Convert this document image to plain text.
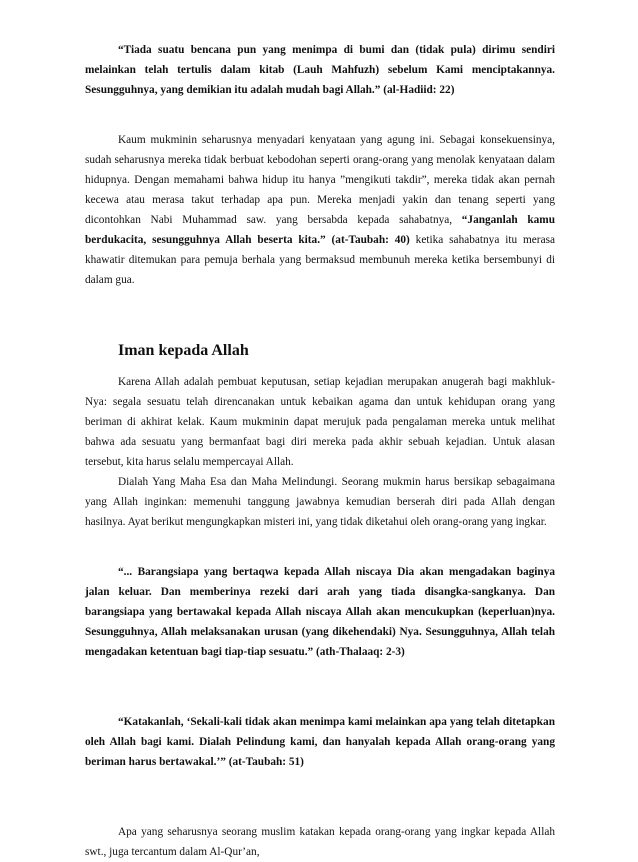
“Tiada suatu bencana pun yang menimpa di bumi dan (tidak pula) dirimu sendiri melainkan telah tertulis dalam kitab (Lauh Mahfuzh) sebelum Kami menciptakannya. Sesungguhnya, yang demikian itu adalah mudah bagi Allah.” (al-Hadiid: 22)

Kaum mukminin seharusnya menyadari kenyataan yang agung ini. Sebagai konsekuensinya, sudah seharusnya mereka tidak berbuat kebodohan seperti orang-orang yang menolak kenyataan dalam hidupnya. Dengan memahami bahwa hidup itu hanya ”mengikuti takdir”, mereka tidak akan pernah kecewa atau merasa takut terhadap apa pun. Mereka menjadi yakin dan tenang seperti yang dicontohkan Nabi Muhammad saw. yang bersabda kepada sahabatnya, “Janganlah kamu berdukacita, sesungguhnya Allah beserta kita.” (at-Taubah: 40) ketika sahabatnya itu merasa khawatir ditemukan para pemuja berhala yang bermaksud membunuh mereka ketika bersembunyi di dalam gua.

Iman kepada Allah

Karena Allah adalah pembuat keputusan, setiap kejadian merupakan anugerah bagi makhluk-Nya: segala sesuatu telah direncanakan untuk kebaikan agama dan untuk kehidupan orang yang beriman di akhirat kelak. Kaum mukminin dapat merujuk pada pengalaman mereka untuk melihat bahwa ada sesuatu yang bermanfaat bagi diri mereka pada akhir sebuah kejadian. Untuk alasan tersebut, kita harus selalu mempercayai Allah.

Dialah Yang Maha Esa dan Maha Melindungi. Seorang mukmin harus bersikap sebagaimana yang Allah inginkan: memenuhi tanggung jawabnya kemudian berserah diri pada Allah dengan hasilnya. Ayat berikut mengungkapkan misteri ini, yang tidak diketahui oleh orang-orang yang ingkar.

“... Barangsiapa yang bertaqwa kepada Allah niscaya Dia akan mengadakan baginya jalan keluar. Dan memberinya rezeki dari arah yang tiada disangka-sangkanya. Dan barangsiapa yang bertawakal kepada Allah niscaya Allah akan mencukupkan (keperluan)nya. Sesungguhnya, Allah melaksanakan urusan (yang dikehendaki) Nya. Sesungguhnya, Allah telah mengadakan ketentuan bagi tiap-tiap sesuatu.” (ath-Thalaaq: 2-3)

“Katakanlah, ‘Sekali-kali tidak akan menimpa kami melainkan apa yang telah ditetapkan oleh Allah bagi kami. Dialah Pelindung kami, dan hanyalah kepada Allah orang-orang yang beriman harus bertawakal.’” (at-Taubah: 51)

Apa yang seharusnya seorang muslim katakan kepada orang-orang yang ingkar kepada Allah swt., juga tercantum dalam Al-Qur’an,
